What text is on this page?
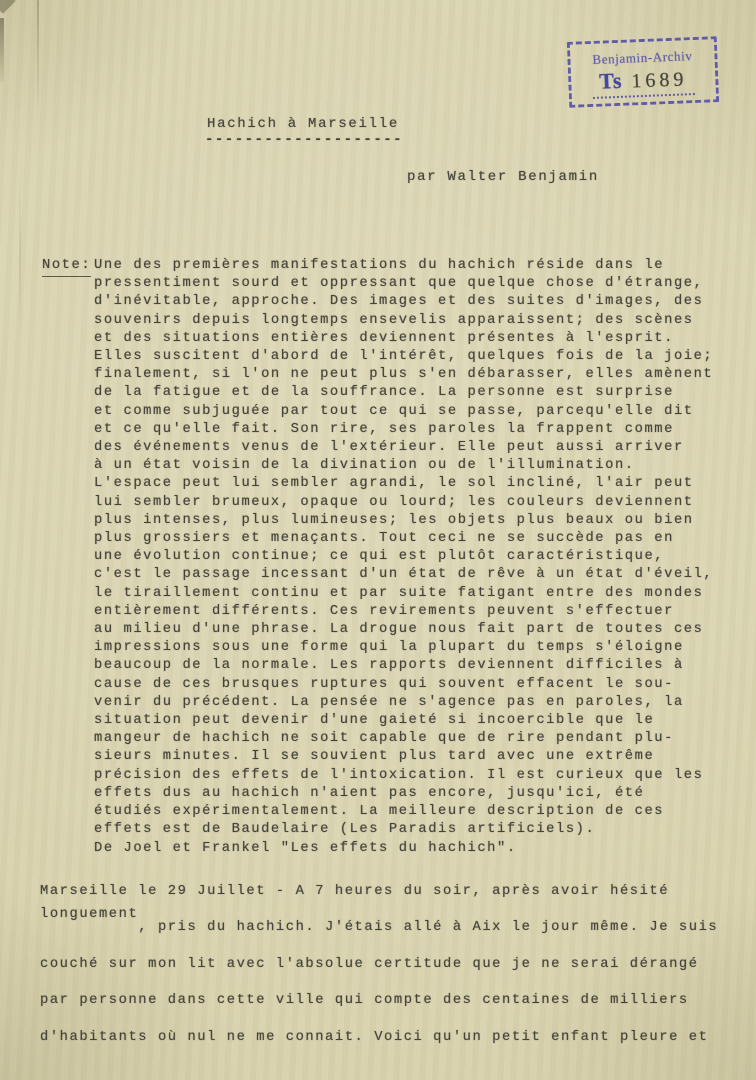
Benjamin-Archiv
Ts 1689
Hachich à Marseille
--------------------
par Walter Benjamin
Note: Une des premières manifestations du hachich réside dans le
pressentiment sourd et oppressant que quelque chose d'étrange,
d'inévitable, approche. Des images et des suites d'images, des
souvenirs depuis longtemps ensevelis apparaissent; des scènes
et des situations entières deviennent présentes à l'esprit.
Elles suscitent d'abord de l'intérêt, quelques fois de la joie;
finalement, si l'on ne peut plus s'en débarasser, elles amènent
de la fatigue et de la souffrance. La personne est surprise
et comme subjuguée par tout ce qui se passe, parcequ'elle dit
et ce qu'elle fait. Son rire, ses paroles la frappent comme
des événements venus de l'extérieur. Elle peut aussi arriver
à un état voisin de la divination ou de l'illumination.
L'espace peut lui sembler agrandi, le sol incliné, l'air peut
lui sembler brumeux, opaque ou lourd; les couleurs deviennent
plus intenses, plus lumineuses; les objets plus beaux ou bien
plus grossiers et menaçants. Tout ceci ne se succède pas en
une évolution continue; ce qui est plutôt caractéristique,
c'est le passage incessant d'un état de rêve à un état d'éveil,
le tiraillement continu et par suite fatigant entre des mondes
entièrement différents. Ces revirements peuvent s'effectuer
au milieu d'une phrase. La drogue nous fait part de toutes ces
impressions sous une forme qui la plupart du temps s'éloigne
beaucoup de la normale. Les rapports deviennent difficiles à
cause de ces brusques ruptures qui souvent effacent le sou-
venir du précédent. La pensée ne s'agence pas en paroles, la
situation peut devenir d'une gaieté si incoercible que le
mangeur de hachich ne soit capable que de rire pendant plu-
sieurs minutes. Il se souvient plus tard avec une extrême
précision des effets de l'intoxication. Il est curieux que les
effets dus au hachich n'aient pas encore, jusqu'ici, été
étudiés expérimentalement. La meilleure description de ces
effets est de Baudelaire (Les Paradis artificiels).
De Joel et Frankel "Les effets du hachich".
Marseille le 29 Juillet - A 7 heures du soir, après avoir hésité
longuement, pris du hachich. J'étais allé à Aix le jour même. Je suis
couché sur mon lit avec l'absolue certitude que je ne serai dérangé
par personne dans cette ville qui compte des centaines de milliers
d'habitants où nul ne me connait. Voici qu'un petit enfant pleure et
